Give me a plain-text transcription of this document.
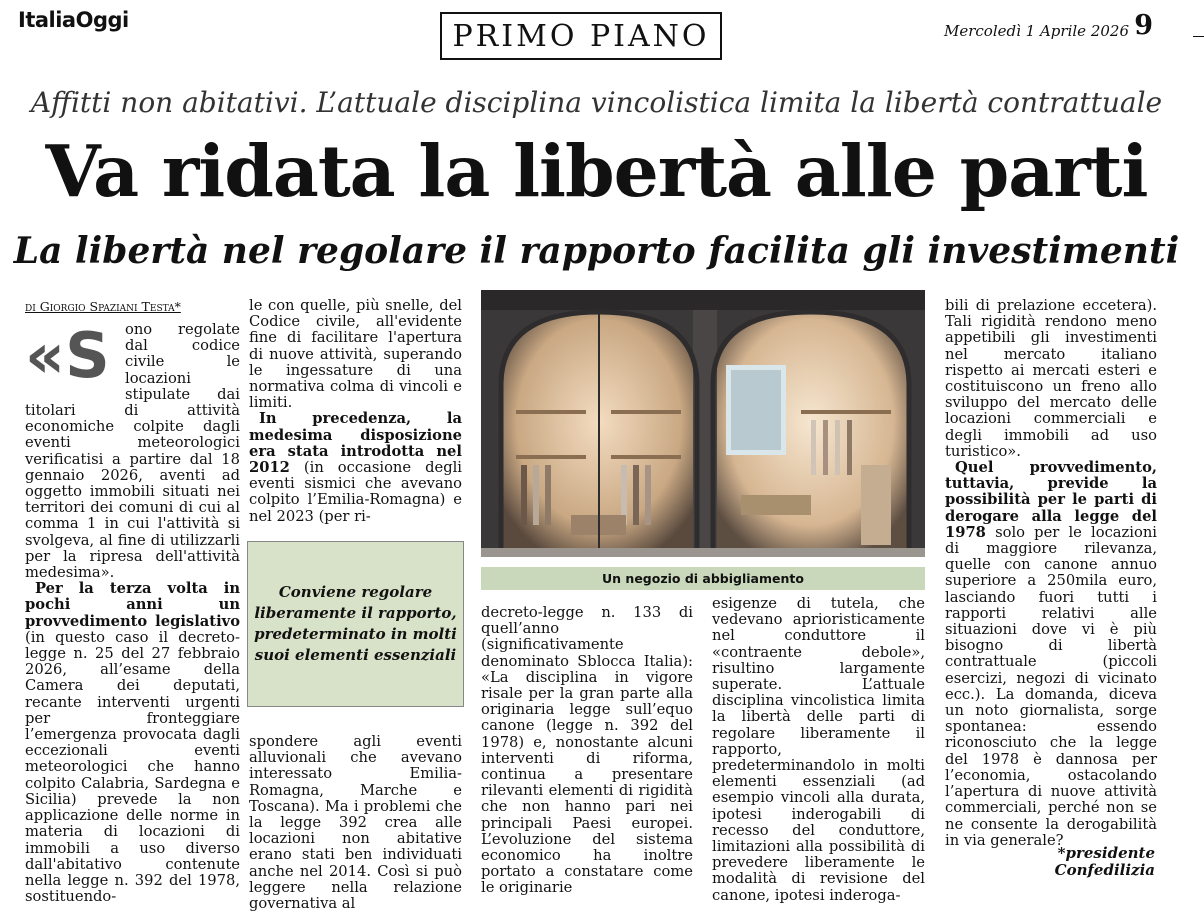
ItaliaOggi	PRIMO PIANO	Mercoledì 1 Aprile 2026 9
Affitti non abitativi. L’attuale disciplina vincolistica limita la libertà contrattuale
Va ridata la libertà alle parti
La libertà nel regolare il rapporto facilita gli investimenti
di Giorgio Spaziani Testa*
« S	ono regolate dal codice civile le locazioni stipulate dai titolari di attività economiche colpite dagli eventi meteorologici verificatisi a partire dal 18 gennaio 2026, aventi ad oggetto immobili situati nei territori dei comuni di cui al comma 1 in cui l'attività si svolgeva, al fine di utilizzarli per la ripresa dell'attività medesima».

Per la terza volta in pochi anni un provvedimento legislativo (in questo caso il decreto-legge n. 25 del 27 febbraio 2026, all’esame della Camera dei deputati, recante interventi urgenti per fronteggiare l’emergenza provocata dagli eccezionali eventi meteorologici che hanno colpito Calabria, Sardegna e Sicilia) prevede la non applicazione delle norme in materia di locazioni di immobili a uso diverso dall'abitativo contenute nella legge n. 392 del 1978, sostituendo-

le con quelle, più snelle, del Codice civile, all'evidente fine di facilitare l'apertura di nuove attività, superando le ingessature di una normativa colma di vincoli e limiti.

In precedenza, la medesima disposizione era stata introdotta nel 2012 (in occasione degli eventi sismici che avevano colpito l’Emilia-Romagna) e nel 2023 (per ri-

Conviene regolare liberamente il rapporto, predeterminato in molti suoi elementi essenziali

spondere agli eventi alluvionali che avevano interessato Emilia-Romagna, Marche e Toscana). Ma i problemi che la legge 392 crea alle locazioni non abitative erano stati ben individuati anche nel 2014. Così si può leggere nella relazione governativa al

Un negozio di abbigliamento

decreto-legge n. 133 di quell’anno (significativamente denominato Sblocca Italia): «La disciplina in vigore risale per la gran parte alla originaria legge sull’equo canone (legge n. 392 del 1978) e, nonostante alcuni interventi di riforma, continua a presentare rilevanti elementi di rigidità che non hanno pari nei principali Paesi europei. L’evoluzione del sistema economico ha inoltre portato a constatare come le originarie

esigenze di tutela, che vedevano aprioristicamente nel conduttore il «contraente debole», risultino largamente superate. L’attuale disciplina vincolistica limita la libertà delle parti di regolare liberamente il rapporto, predeterminandolo in molti elementi essenziali (ad esempio vincoli alla durata, ipotesi inderogabili di recesso del conduttore, limitazioni alla possibilità di prevedere liberamente le modalità di revisione del canone, ipotesi inderoga-

bili di prelazione eccetera). Tali rigidità rendono meno appetibili gli investimenti nel mercato italiano rispetto ai mercati esteri e costituiscono un freno allo sviluppo del mercato delle locazioni commerciali e degli immobili ad uso turistico».

Quel provvedimento, tuttavia, previde la possibilità per le parti di derogare alla legge del 1978 solo per le locazioni di maggiore rilevanza, quelle con canone annuo superiore a 250mila euro, lasciando fuori tutti i rapporti relativi alle situazioni dove vi è più bisogno di libertà contrattuale (piccoli esercizi, negozi di vicinato ecc.). La domanda, diceva un noto giornalista, sorge spontanea: essendo riconosciuto che la legge del 1978 è dannosa per l’economia, ostacolando l’apertura di nuove attività commerciali, perché non se ne consente la derogabilità in via generale?

*presidente
Confedilizia
